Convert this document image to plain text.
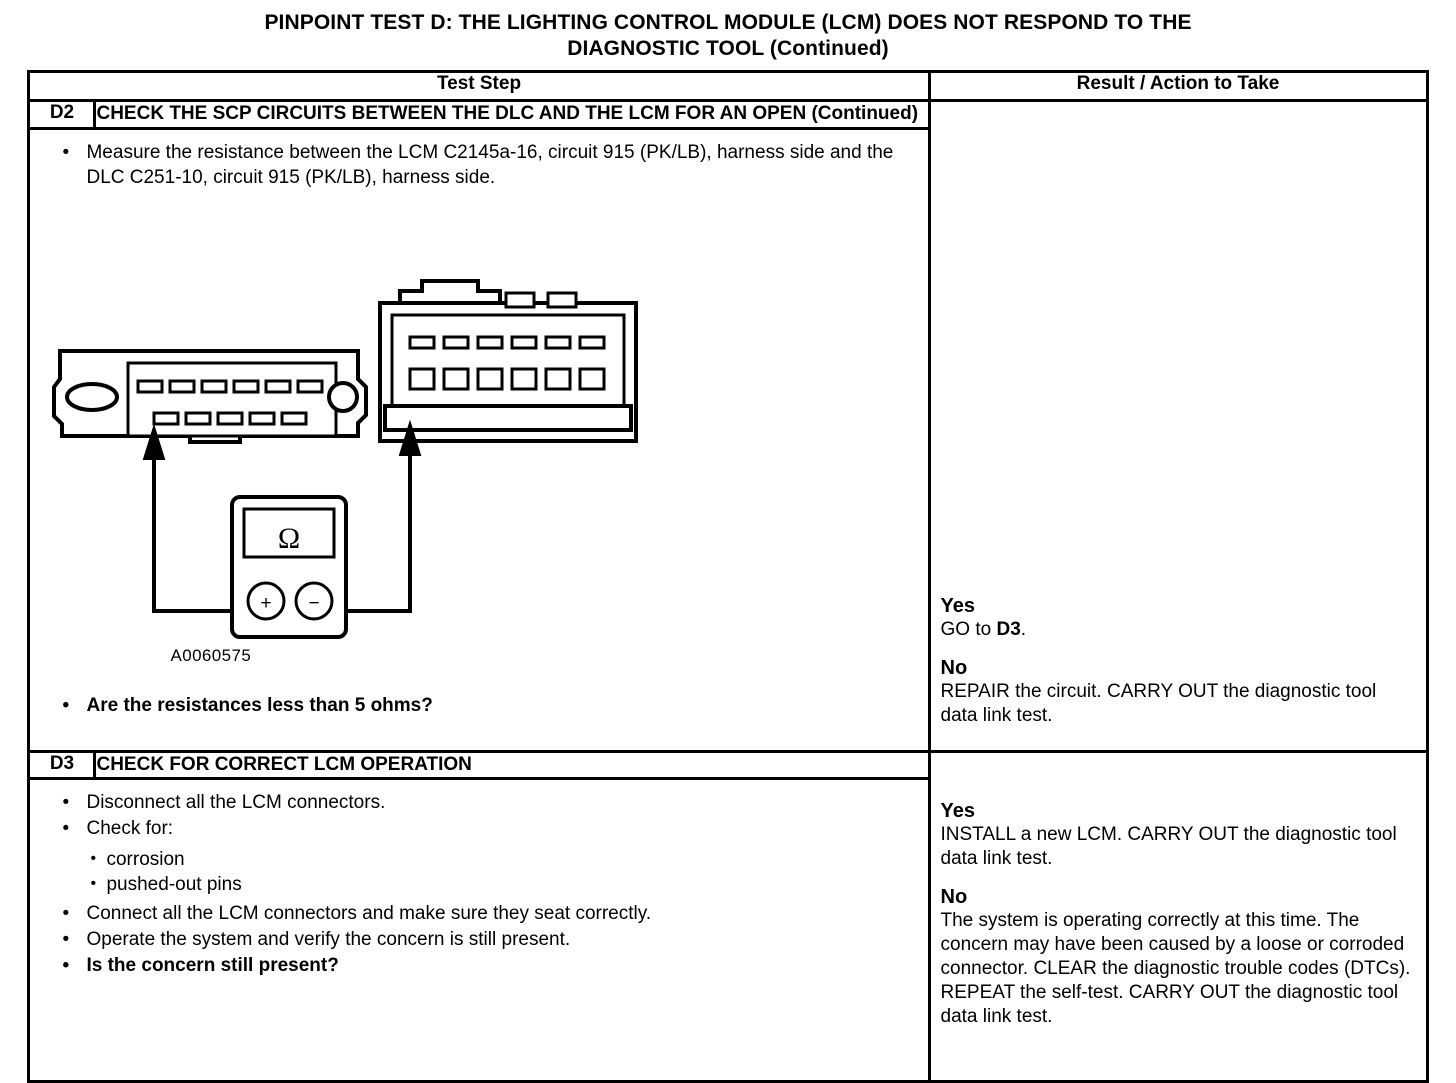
PINPOINT TEST D: THE LIGHTING CONTROL MODULE (LCM) DOES NOT RESPOND TO THE
DIAGNOSTIC TOOL (Continued)
Test Step		Result / Action to Take
D2	CHECK THE SCP CIRCUITS BETWEEN THE DLC AND THE LCM FOR AN OPEN (Continued)	Yes
GO to D3.
No
REPAIR the circuit. CARRY OUT the diagnostic tool data link test.

• Measure the resistance between the LCM C2145a-16, circuit 915 (PK/LB), harness side and the DLC C251-10, circuit 915 (PK/LB), harness side.
Ω
+ −
A0060575
• Are the resistances less than 5 ohms?

D3	CHECK FOR CORRECT LCM OPERATION	Yes
INSTALL a new LCM. CARRY OUT the diagnostic tool data link test.
No
The system is operating correctly at this time. The concern may have been caused by a loose or corroded connector. CLEAR the diagnostic trouble codes (DTCs). REPEAT the self-test. CARRY OUT the diagnostic tool data link test.

• Disconnect all the LCM connectors.
• Check for:
• corrosion
• pushed-out pins
• Connect all the LCM connectors and make sure they seat correctly.
• Operate the system and verify the concern is still present.
• Is the concern still present?
